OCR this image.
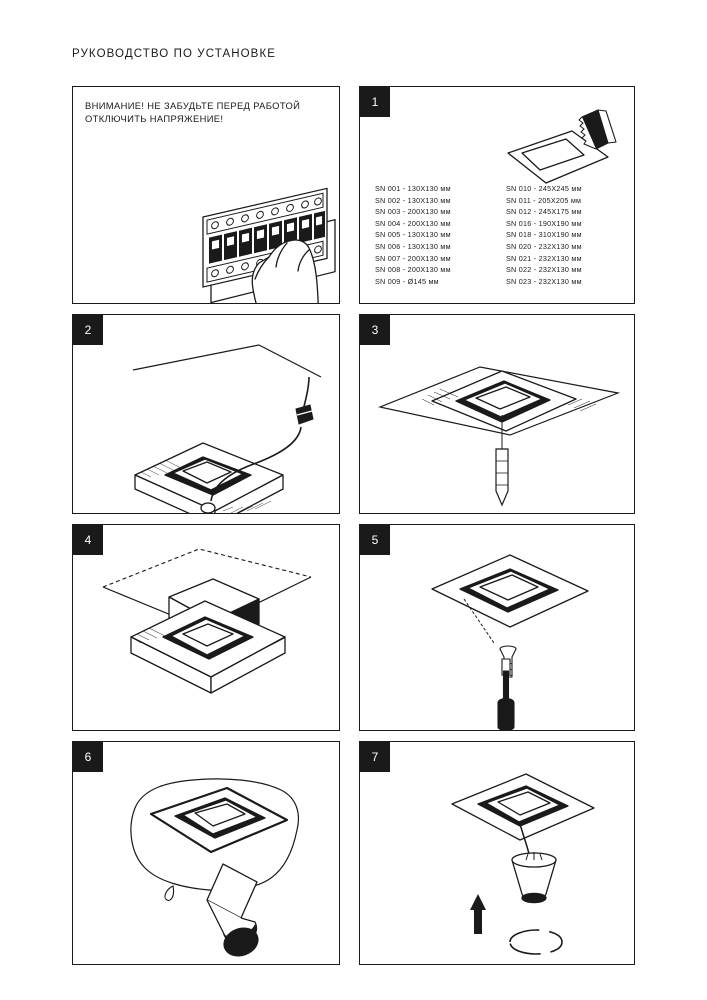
РУКОВОДСТВО ПО УСТАНОВКЕ
ВНИМАНИЕ! НЕ ЗАБУДЬТЕ ПЕРЕД РАБОТОЙ ОТКЛЮЧИТЬ НАПРЯЖЕНИЕ!
1
SN 001 - 130X130 мм
SN 002 - 130X130 мм
SN 003 - 200X130 мм
SN 004 - 200X130 мм
SN 005 - 130X130 мм
SN 006 - 130X130 мм
SN 007 - 200X130 мм
SN 008 - 200X130 мм
SN 009 - Ø145 мм
SN 010 - 245X245 мм
SN 011 - 205X205 мм
SN 012 - 245X175 мм
SN 016 - 190X190 мм
SN 018 - 310X190 мм
SN 020 - 232X130 мм
SN 021 - 232X130 мм
SN 022 - 232X130 мм
SN 023 - 232X130 мм
2	3
4	5
6	7
